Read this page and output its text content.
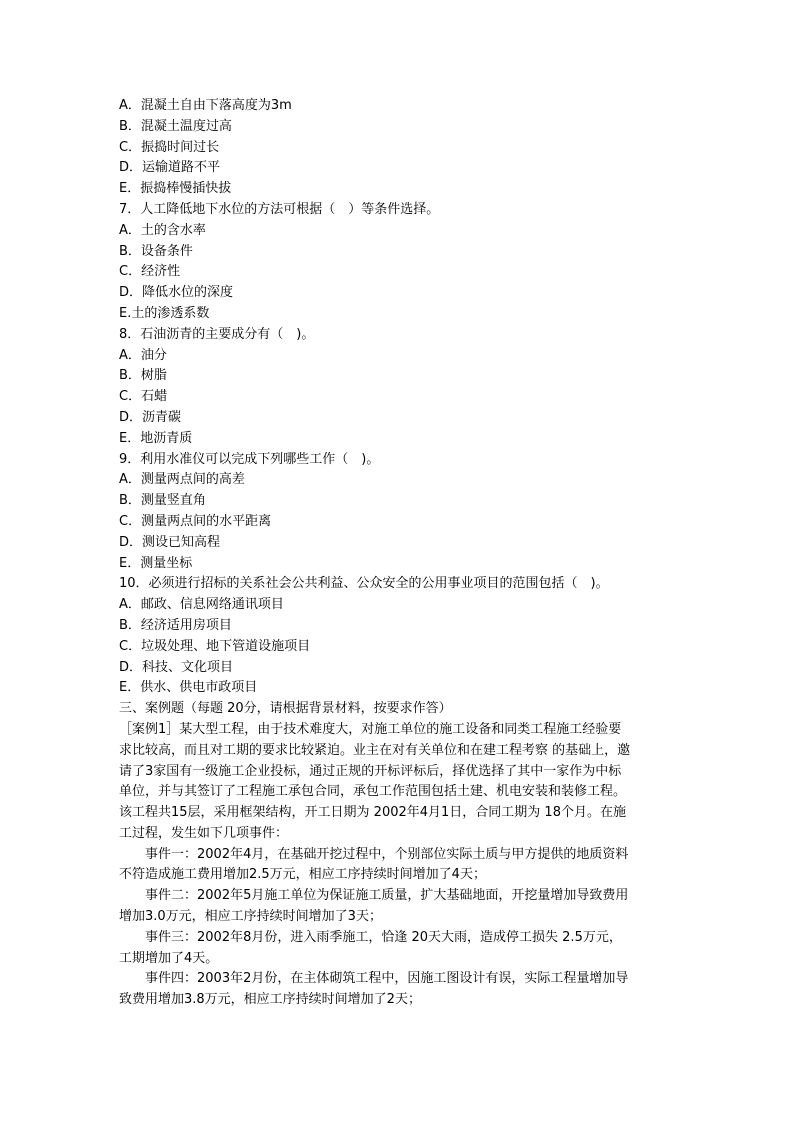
A．混凝土自由下落高度为3m
B．混凝土温度过高
C．振捣时间过长
D．运输道路不平
E．振捣棒慢插快拔
7．人工降低地下水位的方法可根据（　）等条件选择。
A．土的含水率
B．设备条件
C．经济性
D．降低水位的深度
E.土的渗透系数
8．石油沥青的主要成分有（　)。
A．油分
B．树脂
C．石蜡
D．沥青碳
E．地沥青质
9．利用水准仪可以完成下列哪些工作（　)。
A．测量两点间的高差
B．测量竖直角
C．测量两点间的水平距离
D．测设已知高程
E．测量坐标
10．必须进行招标的关系社会公共利益、公众安全的公用事业项目的范围包括（　)。
A．邮政、信息网络通讯项目
B．经济适用房项目
C．垃圾处理、地下管道设施项目
D．科技、文化项目
E．供水、供电市政项目
三、案例题（每题 20分，请根据背景材料，按要求作答）
［案例1］某大型工程，由于技术难度大，对施工单位的施工设备和同类工程施工经验要
求比较高，而且对工期的要求比较紧迫。业主在对有关单位和在建工程考察 的基础上，邀
请了3家国有一级施工企业投标，通过正规的开标评标后，择优选择了其中一家作为中标
单位，并与其签订了工程施工承包合同，承包工作范围包括土建、机电安装和装修工程。
该工程共15层，采用框架结构，开工日期为 2002年4月1日，合同工期为 18个月。在施
工过程，发生如下几项事件：
事件一：2002年4月，在基础开挖过程中，个别部位实际土质与甲方提供的地质资料
不符造成施工费用增加2.5万元，相应工序持续时间增加了4天；
事件二：2002年5月施工单位为保证施工质量，扩大基础地面，开挖量增加导致费用
增加3.0万元，相应工序持续时间增加了3天；
事件三：2002年8月份，进入雨季施工，恰逢 20天大雨，造成停工损失 2.5万元，
工期增加了4天。
事件四：2003年2月份，在主体砌筑工程中，因施工图设计有误，实际工程量增加导
致费用增加3.8万元，相应工序持续时间增加了2天；
